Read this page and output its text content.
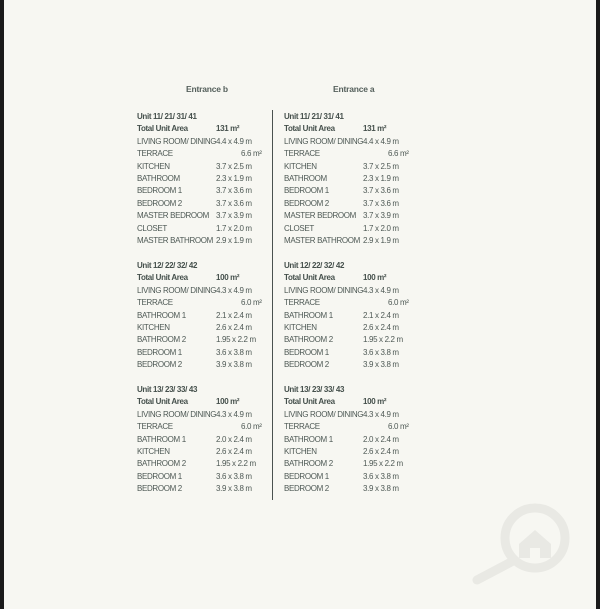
Entrance b	Entrance a
Unit 11/ 21/ 31/ 41
Total Unit Area	131 m²
LIVING ROOM/ DINING 4.4 x 4.9 m
TERRACE	6.6 m²
KITCHEN	3.7 x 2.5 m
BATHROOM	2.3 x 1.9 m
BEDROOM 1	3.7 x 3.6 m
BEDROOM 2	3.7 x 3.6 m
MASTER BEDROOM 3.7 x 3.9 m
CLOSET	1.7 x 2.0 m
MASTER BATHROOM 2.9 x 1.9 m
Unit 12/ 22/ 32/ 42
Total Unit Area	100 m²
LIVING ROOM/ DINING 4.3 x 4.9 m
TERRACE	6.0 m²
BATHROOM 1	2.1 x 2.4 m
KITCHEN	2.6 x 2.4 m
BATHROOM 2	1.95 x 2.2 m
BEDROOM 1	3.6 x 3.8 m
BEDROOM 2	3.9 x 3.8 m
Unit 13/ 23/ 33/ 43
Total Unit Area	100 m²
LIVING ROOM/ DINING 4.3 x 4.9 m
TERRACE	6.0 m²
BATHROOM 1	2.0 x 2.4 m
KITCHEN	2.6 x 2.4 m
BATHROOM 2	1.95 x 2.2 m
BEDROOM 1	3.6 x 3.8 m
BEDROOM 2	3.9 x 3.8 m
Unit 11/ 21/ 31/ 41
Total Unit Area	131 m²
LIVING ROOM/ DINING 4.4 x 4.9 m
TERRACE	6.6 m²
KITCHEN	3.7 x 2.5 m
BATHROOM	2.3 x 1.9 m
BEDROOM 1	3.7 x 3.6 m
BEDROOM 2	3.7 x 3.6 m
MASTER BEDROOM 3.7 x 3.9 m
CLOSET	1.7 x 2.0 m
MASTER BATHROOM 2.9 x 1.9 m
Unit 12/ 22/ 32/ 42
Total Unit Area	100 m²
LIVING ROOM/ DINING 4.3 x 4.9 m
TERRACE	6.0 m²
BATHROOM 1	2.1 x 2.4 m
KITCHEN	2.6 x 2.4 m
BATHROOM 2	1.95 x 2.2 m
BEDROOM 1	3.6 x 3.8 m
BEDROOM 2	3.9 x 3.8 m
Unit 13/ 23/ 33/ 43
Total Unit Area	100 m²
LIVING ROOM/ DINING 4.3 x 4.9 m
TERRACE	6.0 m²
BATHROOM 1	2.0 x 2.4 m
KITCHEN	2.6 x 2.4 m
BATHROOM 2	1.95 x 2.2 m
BEDROOM 1	3.6 x 3.8 m
BEDROOM 2	3.9 x 3.8 m
